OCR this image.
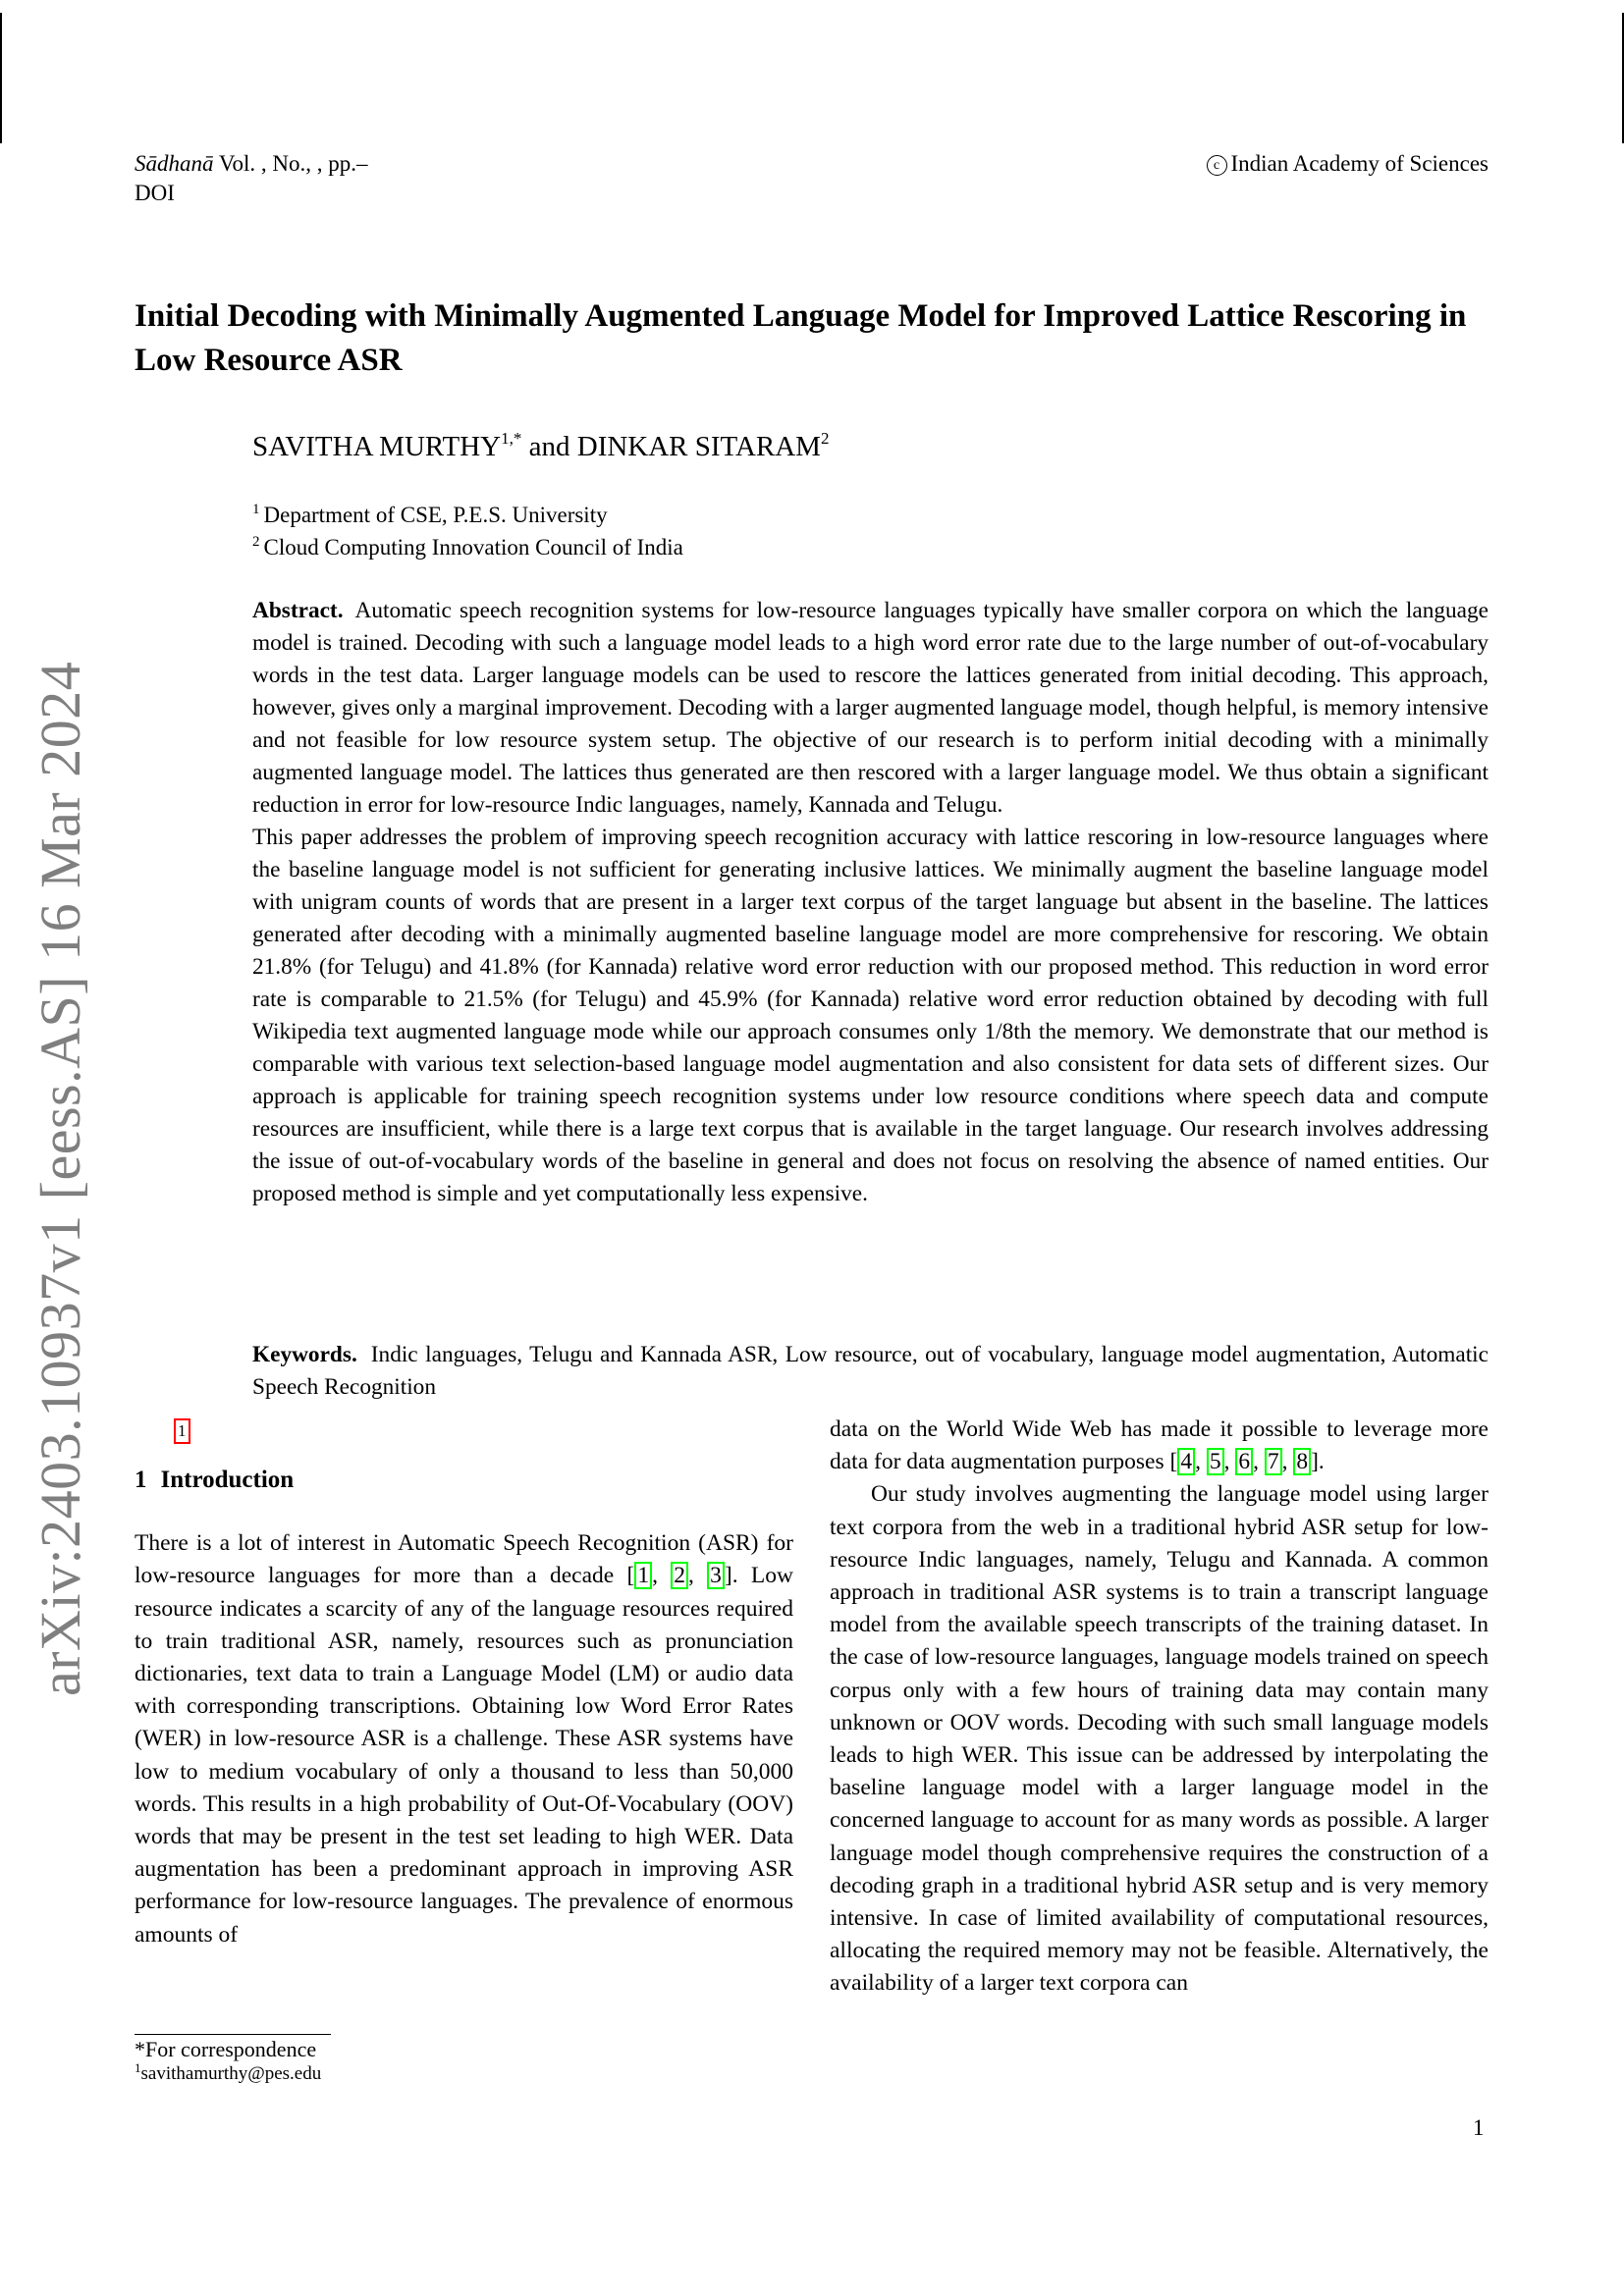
Sādhanā Vol. , No., , pp.–
DOI
c Indian Academy of Sciences
arXiv:2403.10937v1 [eess.AS] 16 Mar 2024
Initial Decoding with Minimally Augmented Language Model for Improved Lattice Rescoring in Low Resource ASR
SAVITHA $MURTHY^{1,*}$ and DINKAR SITARAM$^2$
$^1$ Department of CSE, P.E.S. University
$^2$ Cloud Computing Innovation Council of India

Abstract. Automatic speech recognition systems for low-resource languages typically have smaller corpora on which the language model is trained. Decoding with such a language model leads to a high word error rate due to the large number of out-of-vocabulary words in the test data. Larger language models can be used to rescore the lattices generated from initial decoding. This approach, however, gives only a marginal improvement. Decoding with a larger augmented language model, though helpful, is memory intensive and not feasible for low resource system setup. The objective of our research is to perform initial decoding with a minimally augmented language model. The lattices thus generated are then rescored with a larger language model. We thus obtain a significant reduction in error for low-resource Indic languages, namely, Kannada and Telugu.

This paper addresses the problem of improving speech recognition accuracy with lattice rescoring in low-resource languages where the baseline language model is not sufficient for generating inclusive lattices. We minimally augment the baseline language model with unigram counts of words that are present in a larger text corpus of the target language but absent in the baseline. The lattices generated after decoding with a minimally augmented baseline language model are more comprehensive for rescoring. We obtain 21.8% (for Telugu) and 41.8% (for Kannada) relative word error reduction with our proposed method. This reduction in word error rate is comparable to 21.5% (for Telugu) and 45.9% (for Kannada) relative word error reduction obtained by decoding with full Wikipedia text augmented language mode while our approach consumes only 1/8th the memory. We demonstrate that our method is comparable with various text selection-based language model augmentation and also consistent for data sets of different sizes. Our approach is applicable for training speech recognition systems under low resource conditions where speech data and compute resources are insufficient, while there is a large text corpus that is available in the target language. Our research involves addressing the issue of out-of-vocabulary words of the baseline in general and does not focus on resolving the absence of named entities. Our proposed method is simple and yet computationally less expensive.

Keywords. Indic languages, Telugu and Kannada ASR, Low resource, out of vocabulary, language model augmentation, Automatic Speech Recognition

1

1 Introduction

There is a lot of interest in Automatic Speech Recognition (ASR) for low-resource languages for more than a decade [ 1 , 2 , 3 ]. Low resource indicates a scarcity of any of the language resources required to train traditional ASR, namely, resources such as pronunciation dictionaries, text data to train a Language Model (LM) or audio data with corresponding transcriptions. Obtaining low Word Error Rates (WER) in low-resource ASR is a challenge. These ASR systems have low to medium vocabulary of only a thousand to less than 50,000 words. This results in a high probability of Out-Of-Vocabulary (OOV) words that may be present in the test set leading to high WER. Data augmentation has been a predominant approach in improving ASR performance for low-resource languages. The prevalence of enormous amounts of

data on the World Wide Web has made it possible to leverage more data for data augmentation purposes [ 4 , 5 , 6 , 7 , 8 ].

Our study involves augmenting the language model using larger text corpora from the web in a traditional hybrid ASR setup for low-resource Indic languages, namely, Telugu and Kannada. A common approach in traditional ASR systems is to train a transcript language model from the available speech transcripts of the training dataset. In the case of low-resource languages, language models trained on speech corpus only with a few hours of training data may contain many unknown or OOV words. Decoding with such small language models leads to high WER. This issue can be addressed by interpolating the baseline language model with a larger language model in the concerned language to account for as many words as possible. A larger language model though comprehensive requires the construction of a decoding graph in a traditional hybrid ASR setup and is very memory intensive. In case of limited availability of computational resources, allocating the required memory may not be feasible. Alternatively, the availability of a larger text corpora can

*For correspondence
$^1$savithamurthy@pes.edu
1
